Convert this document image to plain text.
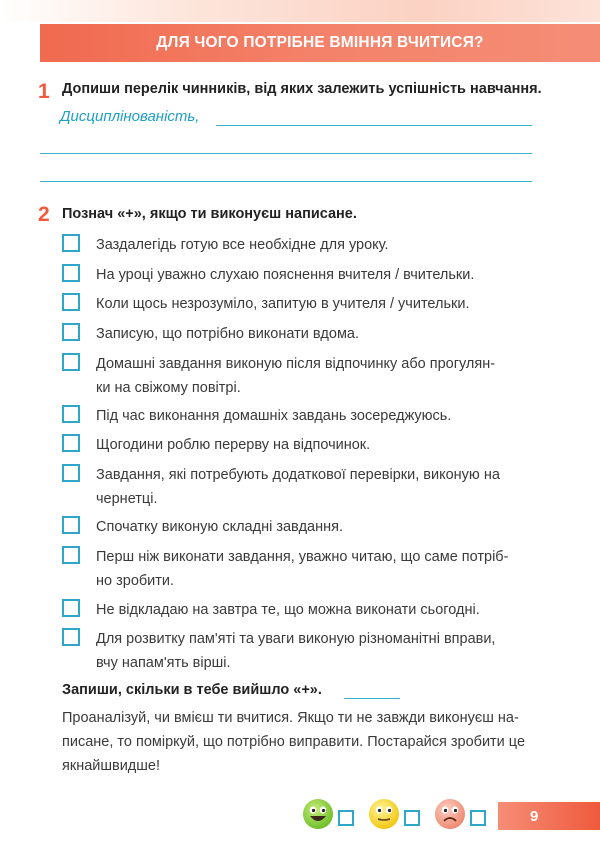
ДЛЯ ЧОГО ПОТРІБНЕ ВМІННЯ ВЧИТИСЯ?
1 Допиши перелік чинників, від яких залежить успішність навчання.
Дисциплінованість,
2 Познач «+», якщо ти виконуєш написане.
Заздалегідь готую все необхідне для уроку.
На уроці уважно слухаю пояснення вчителя / вчительки.
Коли щось незрозуміло, запитую в учителя / учительки.
Записую, що потрібно виконати вдома.
Домашні завдання виконую після відпочинку або прогулян-
ки на свіжому повітрі.
Під час виконання домашніх завдань зосереджуюсь.
Щогодини роблю перерву на відпочинок.
Завдання, які потребують додаткової перевірки, виконую на
чернетці.
Спочатку виконую складні завдання.
Перш ніж виконати завдання, уважно читаю, що саме потріб-
но зробити.
Не відкладаю на завтра те, що можна виконати сьогодні.
Для розвитку пам'яті та уваги виконую різноманітні вправи,
вчу напам'ять вірші.
Запиши, скільки в тебе вийшло «+».
Проаналізуй, чи вмієш ти вчитися. Якщо ти не завжди виконуєш на-
писане, то поміркуй, що потрібно виправити. Постарайся зробити це
якнайшвидше!
9
